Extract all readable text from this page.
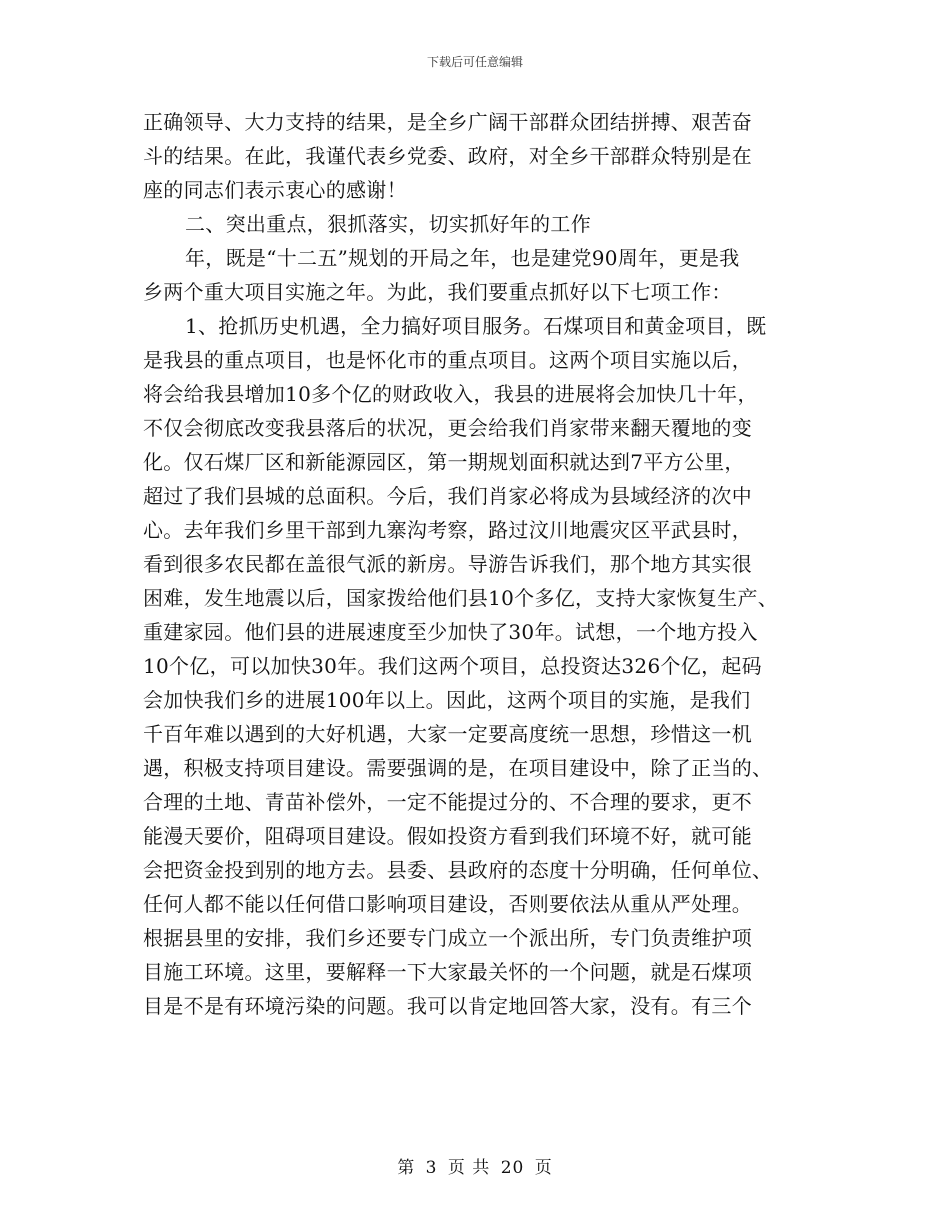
下载后可任意编辑
正确领导、大力支持的结果，是全乡广阔干部群众团结拼搏、艰苦奋
斗的结果。在此，我谨代表乡党委、政府，对全乡干部群众特别是在
座的同志们表示衷心的感谢！
二、突出重点，狠抓落实，切实抓好年的工作
年，既是“十二五”规划的开局之年，也是建党90周年，更是我
乡两个重大项目实施之年。为此，我们要重点抓好以下七项工作：
1、抢抓历史机遇，全力搞好项目服务。石煤项目和黄金项目，既
是我县的重点项目，也是怀化市的重点项目。这两个项目实施以后，
将会给我县增加10多个亿的财政收入，我县的进展将会加快几十年，
不仅会彻底改变我县落后的状况，更会给我们肖家带来翻天覆地的变
化。仅石煤厂区和新能源园区，第一期规划面积就达到7平方公里，
超过了我们县城的总面积。今后，我们肖家必将成为县域经济的次中
心。去年我们乡里干部到九寨沟考察，路过汶川地震灾区平武县时，
看到很多农民都在盖很气派的新房。导游告诉我们，那个地方其实很
困难，发生地震以后，国家拨给他们县10个多亿，支持大家恢复生产、
重建家园。他们县的进展速度至少加快了30年。试想，一个地方投入
10个亿，可以加快30年。我们这两个项目，总投资达326个亿，起码
会加快我们乡的进展100年以上。因此，这两个项目的实施，是我们
千百年难以遇到的大好机遇，大家一定要高度统一思想，珍惜这一机
遇，积极支持项目建设。需要强调的是，在项目建设中，除了正当的、
合理的土地、青苗补偿外，一定不能提过分的、不合理的要求，更不
能漫天要价，阻碍项目建设。假如投资方看到我们环境不好，就可能
会把资金投到别的地方去。县委、县政府的态度十分明确，任何单位、
任何人都不能以任何借口影响项目建设，否则要依法从重从严处理。
根据县里的安排，我们乡还要专门成立一个派出所，专门负责维护项
目施工环境。这里，要解释一下大家最关怀的一个问题，就是石煤项
目是不是有环境污染的问题。我可以肯定地回答大家，没有。有三个
第 3 页 共 20 页
